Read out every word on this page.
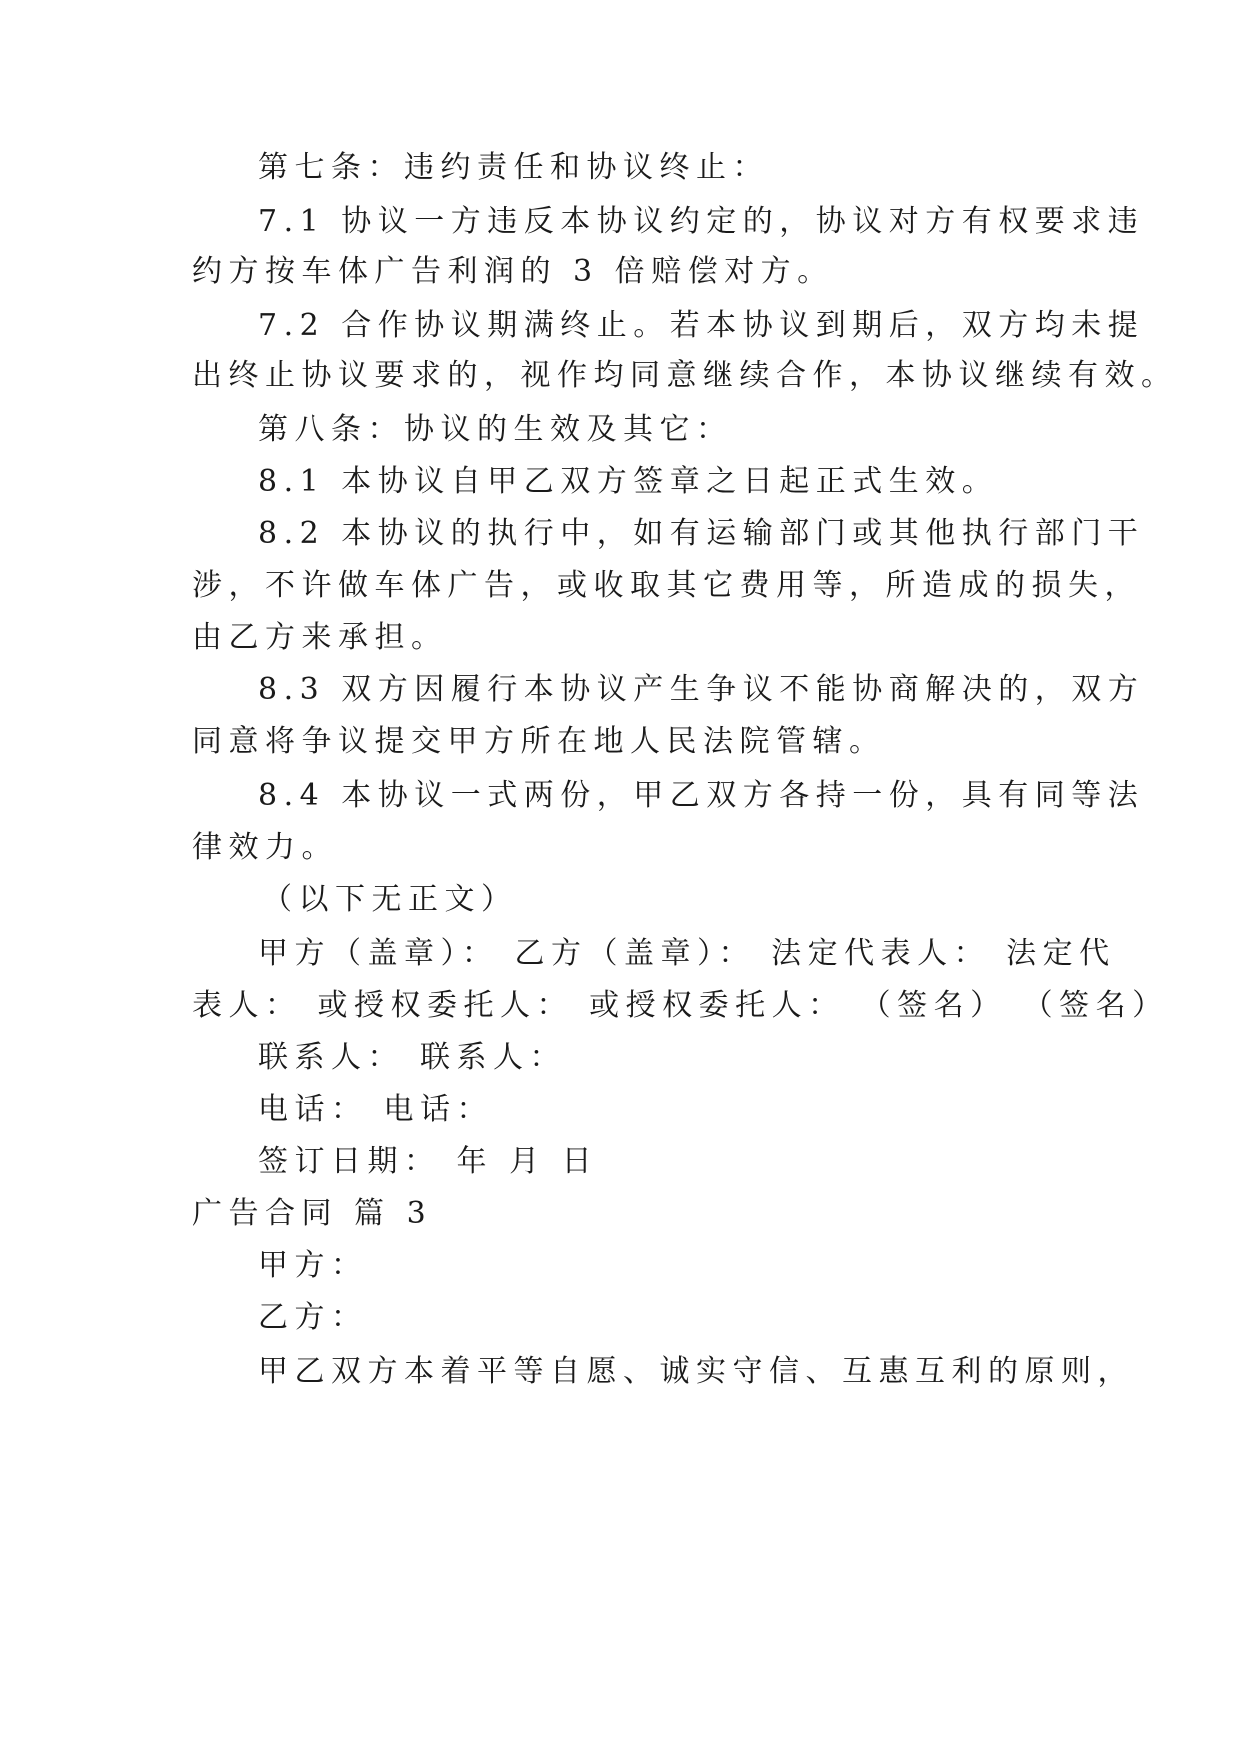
第七条：违约责任和协议终止：
7.1 协议一方违反本协议约定的，协议对方有权要求违
约方按车体广告利润的 3 倍赔偿对方。
7.2 合作协议期满终止。若本协议到期后，双方均未提
出终止协议要求的，视作均同意继续合作，本协议继续有效。
第八条：协议的生效及其它：
8.1 本协议自甲乙双方签章之日起正式生效。
8.2 本协议的执行中，如有运输部门或其他执行部门干
涉，不许做车体广告，或收取其它费用等，所造成的损失，
由乙方来承担。
8.3 双方因履行本协议产生争议不能协商解决的，双方
同意将争议提交甲方所在地人民法院管辖。
8.4 本协议一式两份，甲乙双方各持一份，具有同等法
律效力。
（以下无正文）
甲方（盖章）： 乙方（盖章）： 法定代表人： 法定代
表人： 或授权委托人： 或授权委托人： （签名） （签名）
联系人： 联系人：
电话： 电话：
签订日期： 年 月 日
广告合同 篇 3
甲方：
乙方：
甲乙双方本着平等自愿、诚实守信、互惠互利的原则，
